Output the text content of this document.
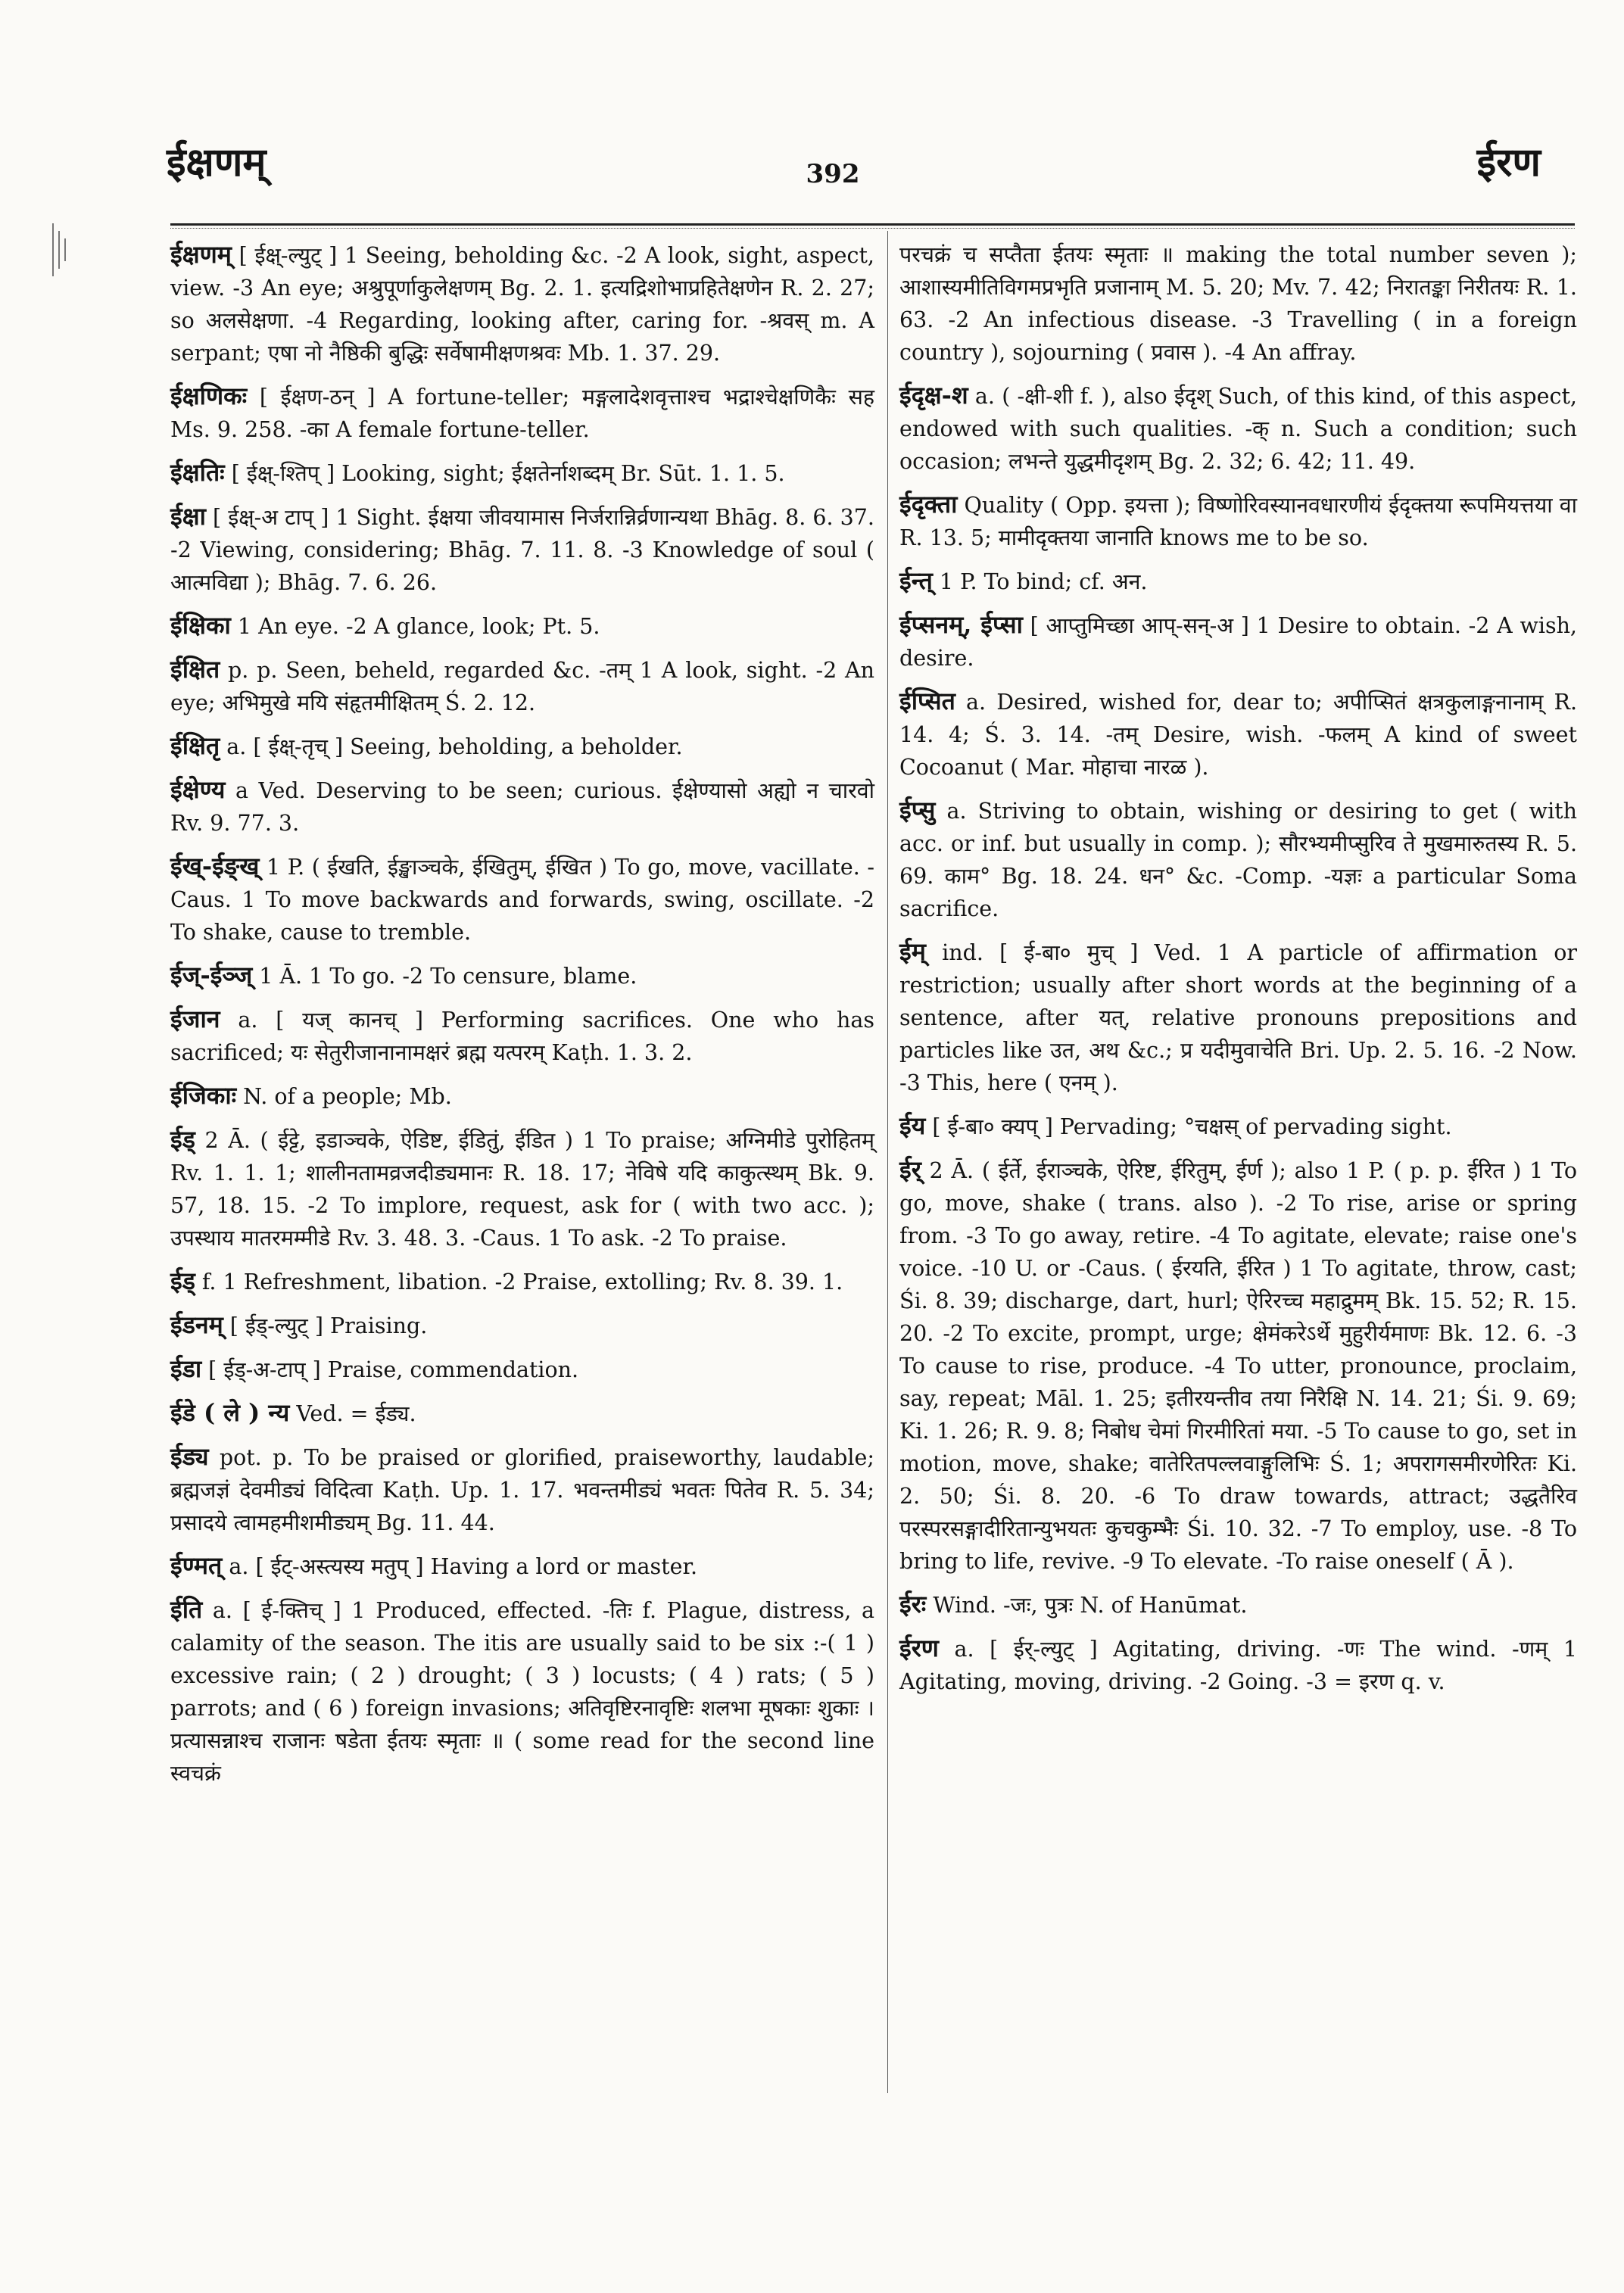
ईक्षणम्	392	ईरण

ईक्षणम् [ ईक्ष्-ल्युट् ] 1 Seeing, beholding &c. -2 A look, sight, aspect, view. -3 An eye; अश्रुपूर्णाकुलेक्षणम् Bg. 2. 1. इत्यद्रिशोभाप्रहितेक्षणेन R. 2. 27; so अलसेक्षणा. -4 Regarding, looking after, caring for. -श्रवस् m. A serpant; एषा नो नैष्ठिकी बुद्धिः सर्वेषामीक्षणश्रवः Mb. 1. 37. 29.

ईक्षणिकः [ ईक्षण-ठन् ] A fortune-teller; मङ्गलादेशवृत्ताश्च भद्राश्चेक्षणिकैः सह Ms. 9. 258. -का A female fortune-teller.

ईक्षतिः [ ईक्ष्-श्तिप् ] Looking, sight; ईक्षतेर्नाशब्दम् Br. Sūt. 1. 1. 5.

ईक्षा [ ईक्ष्-अ टाप् ] 1 Sight. ईक्षया जीवयामास निर्जरान्निर्व्रणान्यथा Bhāg. 8. 6. 37. -2 Viewing, considering; Bhāg. 7. 11. 8. -3 Knowledge of soul ( आत्मविद्या ); Bhāg. 7. 6. 26.

ईक्षिका 1 An eye. -2 A glance, look; Pt. 5.

ईक्षित p. p. Seen, beheld, regarded &c. -तम् 1 A look, sight. -2 An eye; अभिमुखे मयि संहृतमीक्षितम् Ś. 2. 12.

ईक्षितृ a. [ ईक्ष्-तृच् ] Seeing, beholding, a beholder.

ईक्षेण्य a Ved. Deserving to be seen; curious. ईक्षेण्यासो अह्यो न चारवो Rv. 9. 77. 3.

ईख्-ईङ्ख् 1 P. ( ईखति, ईङ्खाञ्चके, ईखितुम्, ईखित ) To go, move, vacillate. -Caus. 1 To move backwards and forwards, swing, oscillate. -2 To shake, cause to tremble.

ईज्-ईञ्ज् 1 Ā. 1 To go. -2 To censure, blame.

ईजान a. [ यज् कानच् ] Performing sacrifices. One who has sacrificed; यः सेतुरीजानानामक्षरं ब्रह्म यत्परम् Kaṭh. 1. 3. 2.

ईजिकाः N. of a people; Mb.

ईड् 2 Ā. ( ईट्टे, इडाञ्चके, ऐडिष्ट, ईडितुं, ईडित ) 1 To praise; अग्निमीडे पुरोहितम् Rv. 1. 1. 1; शालीनतामव्रजदीड्यमानः R. 18. 17; नेविषे यदि काकुत्स्थम् Bk. 9. 57, 18. 15. -2 To implore, request, ask for ( with two acc. ); उपस्थाय मातरमम्मीडे Rv. 3. 48. 3. -Caus. 1 To ask. -2 To praise.

ईड् f. 1 Refreshment, libation. -2 Praise, extolling; Rv. 8. 39. 1.

ईडनम् [ ईड्-ल्युट् ] Praising.

ईडा [ ईड्-अ-टाप् ] Praise, commendation.

ईडे ( ले ) न्य Ved. = ईड्य.

ईड्य pot. p. To be praised or glorified, praiseworthy, laudable; ब्रह्मजज्ञं देवमीड्यं विदित्वा Kaṭh. Up. 1. 17. भवन्तमीड्यं भवतः पितेव R. 5. 34; प्रसादये त्वामहमीशमीड्यम् Bg. 11. 44.

ईण्मत् a. [ ईट्-अस्त्यस्य मतुप् ] Having a lord or master.

ईति a. [ ई-क्तिच् ] 1 Produced, effected. -तिः f. Plague, distress, a calamity of the season. The itis are usually said to be six :-( 1 ) excessive rain; ( 2 ) drought; ( 3 ) locusts; ( 4 ) rats; ( 5 ) parrots; and ( 6 ) foreign invasions; अतिवृष्टिरनावृष्टिः शलभा मूषकाः शुकाः । प्रत्यासन्नाश्च राजानः षडेता ईतयः स्मृताः ॥ ( some read for the second line स्वचक्रं

परचक्रं च सप्तैता ईतयः स्मृताः ॥ making the total number seven ); आशास्यमीतिविगमप्रभृति प्रजानाम् M. 5. 20; Mv. 7. 42; निरातङ्का निरीतयः R. 1. 63. -2 An infectious disease. -3 Travelling ( in a foreign country ), sojourning ( प्रवास ). -4 An affray.

ईदृक्ष-श a. ( -क्षी-शी f. ), also ईदृश् Such, of this kind, of this aspect, endowed with such qualities. -क् n. Such a condition; such occasion; लभन्ते युद्धमीदृशम् Bg. 2. 32; 6. 42; 11. 49.

ईदृक्ता Quality ( Opp. इयत्ता ); विष्णोरिवस्यानवधारणीयं ईदृक्तया रूपमियत्तया वा R. 13. 5; मामीदृक्तया जानाति knows me to be so.

ईन्त् 1 P. To bind; cf. अन.

ईप्सनम्, ईप्सा [ आप्तुमिच्छा आप्-सन्-अ ] 1 Desire to obtain. -2 A wish, desire.

ईप्सित a. Desired, wished for, dear to; अपीप्सितं क्षत्रकुलाङ्गनानाम् R. 14. 4; Ś. 3. 14. -तम् Desire, wish. -फलम् A kind of sweet Cocoanut ( Mar. मोहाचा नारळ ).

ईप्सु a. Striving to obtain, wishing or desiring to get ( with acc. or inf. but usually in comp. ); सौरभ्यमीप्सुरिव ते मुखमारुतस्य R. 5. 69. काम° Bg. 18. 24. धन° &c. -Comp. -यज्ञः a particular Soma sacrifice.

ईम् ind. [ ई-बा० मुच् ] Ved. 1 A particle of affirmation or restriction; usually after short words at the beginning of a sentence, after यत्, relative pronouns prepositions and particles like उत, अथ &c.; प्र यदीमुवाचेति Bri. Up. 2. 5. 16. -2 Now. -3 This, here ( एनम् ).

ईय [ ई-बा० क्यप् ] Pervading; °चक्षस् of pervading sight.

ईर् 2 Ā. ( ईर्ते, ईराञ्चके, ऐरिष्ट, ईरितुम्, ईर्ण ); also 1 P. ( p. p. ईरित ) 1 To go, move, shake ( trans. also ). -2 To rise, arise or spring from. -3 To go away, retire. -4 To agitate, elevate; raise one's voice. -10 U. or -Caus. ( ईरयति, ईरित ) 1 To agitate, throw, cast; Śi. 8. 39; discharge, dart, hurl; ऐरिरच्च महाद्रुमम् Bk. 15. 52; R. 15. 20. -2 To excite, prompt, urge; क्षेमंकरेऽर्थे मुहुरीर्यमाणः Bk. 12. 6. -3 To cause to rise, produce. -4 To utter, pronounce, proclaim, say, repeat; Māl. 1. 25; इतीरयन्तीव तया निरैक्षि N. 14. 21; Śi. 9. 69; Ki. 1. 26; R. 9. 8; निबोध चेमां गिरमीरितां मया. -5 To cause to go, set in motion, move, shake; वातेरितपल्लवाङ्गुलिभिः Ś. 1; अपरागसमीरणेरितः Ki. 2. 50; Śi. 8. 20. -6 To draw towards, attract; उद्धतैरिव परस्परसङ्गादीरितान्युभयतः कुचकुम्भैः Śi. 10. 32. -7 To employ, use. -8 To bring to life, revive. -9 To elevate. -To raise oneself ( Ā ).

ईरः Wind. -जः, पुत्रः N. of Hanūmat.

ईरण a. [ ईर्-ल्युट् ] Agitating, driving. -णः The wind. -णम् 1 Agitating, moving, driving. -2 Going. -3 = इरण q. v.
